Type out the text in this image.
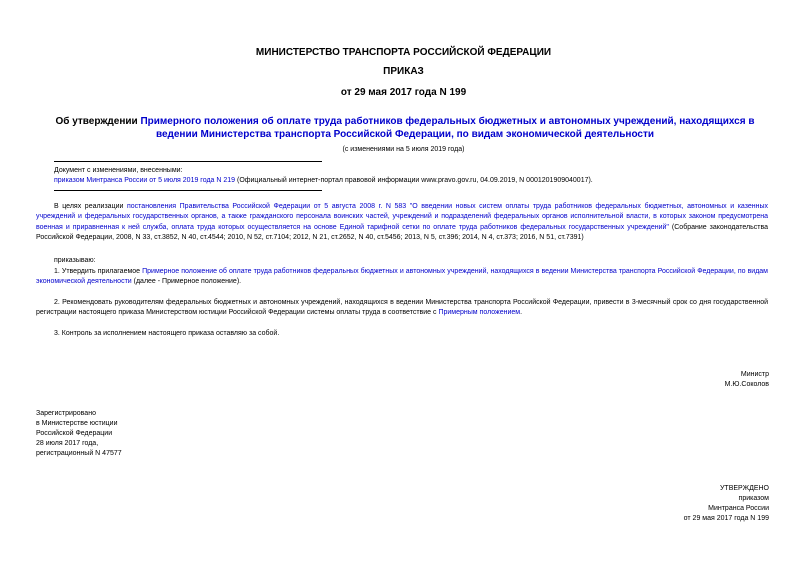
МИНИСТЕРСТВО ТРАНСПОРТА РОССИЙСКОЙ ФЕДЕРАЦИИ
ПРИКАЗ
от 29 мая 2017 года N 199
Об утверждении Примерного положения об оплате труда работников федеральных бюджетных и автономных учреждений, находящихся в ведении Министерства транспорта Российской Федерации, по видам экономической деятельности
(с изменениями на 5 июля 2019 года)
Документ с изменениями, внесенными:
приказом Минтранса России от 5 июля 2019 года N 219 (Официальный интернет-портал правовой информации www.pravo.gov.ru, 04.09.2019, N 0001201909040017).
В целях реализации постановления Правительства Российской Федерации от 5 августа 2008 г. N 583 "О введении новых систем оплаты труда работников федеральных бюджетных, автономных и казенных учреждений и федеральных государственных органов, а также гражданского персонала воинских частей, учреждений и подразделений федеральных органов исполнительной власти, в которых законом предусмотрена военная и приравненная к ней служба, оплата труда которых осуществляется на основе Единой тарифной сетки по оплате труда работников федеральных государственных учреждений" (Собрание законодательства Российской Федерации, 2008, N 33, ст.3852, N 40, ст.4544; 2010, N 52, ст.7104; 2012, N 21, ст.2652, N 40, ст.5456; 2013, N 5, ст.396; 2014, N 4, ст.373; 2016, N 51, ст.7391)
приказываю:
1. Утвердить прилагаемое Примерное положение об оплате труда работников федеральных бюджетных и автономных учреждений, находящихся в ведении Министерства транспорта Российской Федерации, по видам экономической деятельности (далее - Примерное положение).
2. Рекомендовать руководителям федеральных бюджетных и автономных учреждений, находящихся в ведении Министерства транспорта Российской Федерации, привести в 3-месячный срок со дня государственной регистрации настоящего приказа Министерством юстиции Российской Федерации системы оплаты труда в соответствие с Примерным положением.
3. Контроль за исполнением настоящего приказа оставляю за собой.
Министр
М.Ю.Соколов
Зарегистрировано
в Министерстве юстиции
Российской Федерации
28 июля 2017 года,
регистрационный N 47577
УТВЕРЖДЕНО
приказом
Минтранса России
от 29 мая 2017 года N 199
